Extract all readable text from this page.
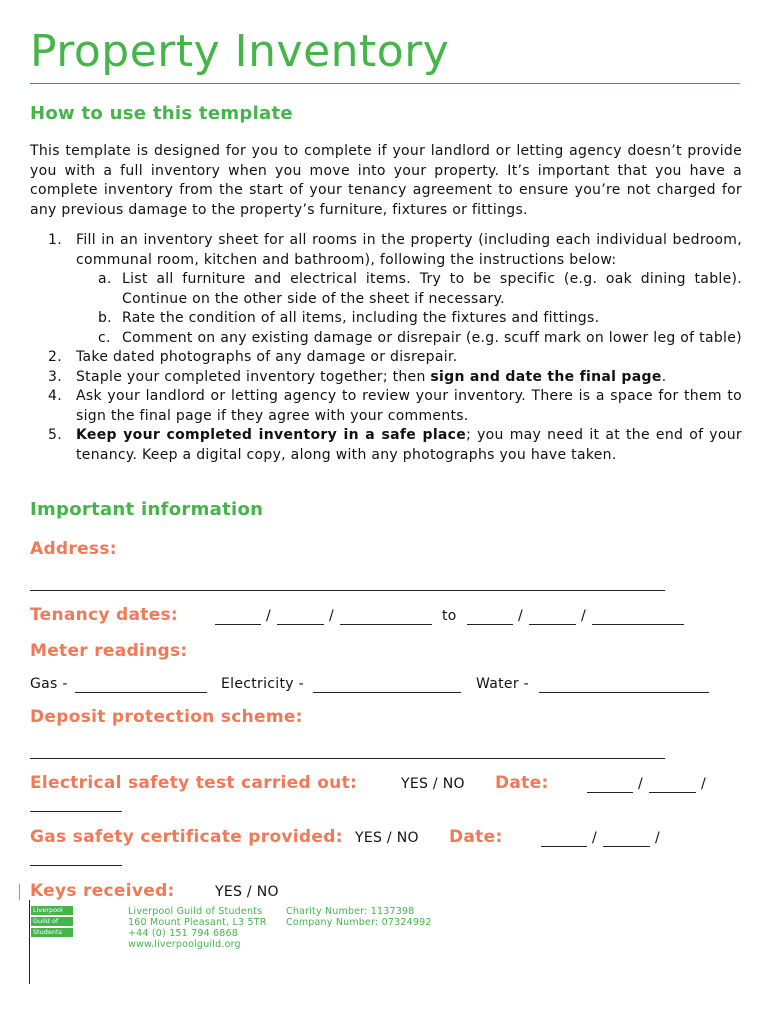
Property Inventory
How to use this template
This template is designed for you to complete if your landlord or letting agency doesn’t provide you with a full inventory when you move into your property. It’s important that you have a complete inventory from the start of your tenancy agreement to ensure you’re not charged for any previous damage to the property’s furniture, fixtures or fittings.
1. Fill in an inventory sheet for all rooms in the property (including each individual bedroom, communal room, kitchen and bathroom), following the instructions below:
a. List all furniture and electrical items. Try to be specific (e.g. oak dining table). Continue on the other side of the sheet if necessary.
b. Rate the condition of all items, including the fixtures and fittings.
c. Comment on any existing damage or disrepair (e.g. scuff mark on lower leg of table)
2. Take dated photographs of any damage or disrepair.
3. Staple your completed inventory together; then sign and date the final page.
4. Ask your landlord or letting agency to review your inventory. There is a space for them to sign the final page if they agree with your comments.
5. Keep your completed inventory in a safe place; you may need it at the end of your tenancy. Keep a digital copy, along with any photographs you have taken.
Important information
Address:
Tenancy dates:	/	/	to	/	/
Meter readings:
Gas -	Electricity -	Water -
Deposit protection scheme:
Electrical safety test carried out:	YES / NO Date:	/	/
Gas safety certificate provided: YES / NO Date:	/	/
Keys received:	YES / NO
Liverpool
Guild of
Students
Liverpool Guild of Students
160 Mount Pleasant, L3 5TR
+44 (0) 151 794 6868
www.liverpoolguild.org
Charity Number: 1137398
Company Number: 07324992
